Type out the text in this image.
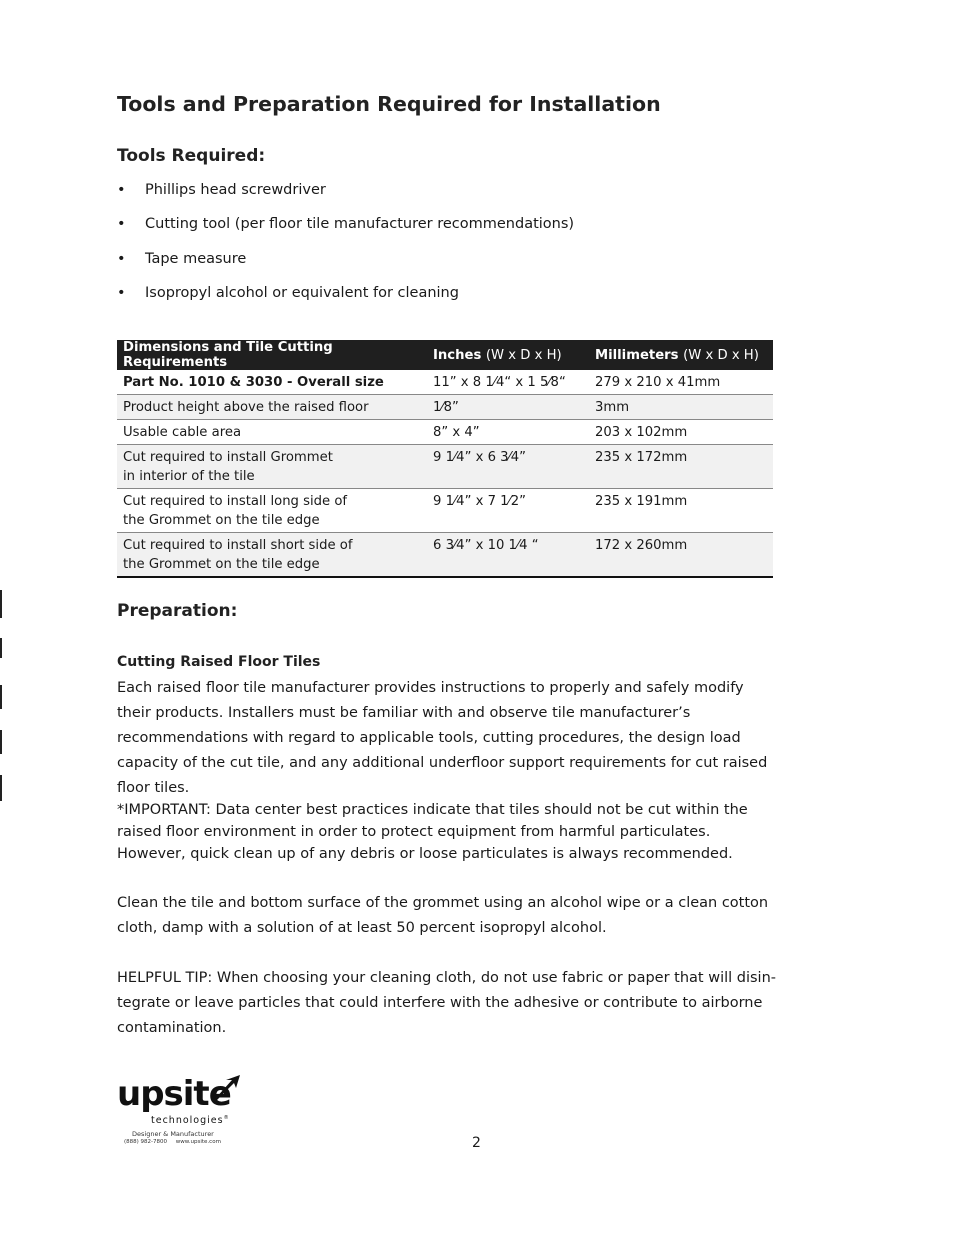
Tools and Preparation Required for Installation
Tools Required:
• Phillips head screwdriver
• Cutting tool (per floor tile manufacturer recommendations)
• Tape measure
• Isopropyl alcohol or equivalent for cleaning
Dimensions and Tile Cutting Requirements	Inches (W x D x H)	Millimeters (W x D x H)
Part No. 1010 & 3030 - Overall size	11” x 8 1⁄4“ x 1 5⁄8“	279 x 210 x 41mm
Product height above the raised floor	1⁄8”	3mm
Usable cable area	8” x 4”	203 x 102mm

Cut required to install Grommet
in interior of the tile	9 1⁄4” x 6 3⁄4”	235 x 172mm

Cut required to install long side of
the Grommet on the tile edge	9 1⁄4” x 7 1⁄2”	235 x 191mm

Cut required to install short side of
the Grommet on the tile edge	6 3⁄4” x 10 1⁄4 “	172 x 260mm
Preparation:
Cutting Raised Floor Tiles

Each raised floor tile manufacturer provides instructions to properly and safely modify their products. Installers must be familiar with and observe tile manufacturer’s recommendations with regard to applicable tools, cutting procedures, the design load capacity of the cut tile, and any additional underfloor support requirements for cut raised floor tiles.

*IMPORTANT: Data center best practices indicate that tiles should not be cut within the raised floor environment in order to protect equipment from harmful particulates. However, quick clean up of any debris or loose particulates is always recommended.

Clean the tile and bottom surface of the grommet using an alcohol wipe or a clean cotton cloth, damp with a solution of at least 50 percent isopropyl alcohol.

HELPFUL TIP: When choosing your cleaning cloth, do not use fabric or paper that will disin-tegrate or leave particles that could interfere with the adhesive or contribute to airborne contamination.

upsite
technologies®
Designer & Manufacturer
(888) 982-7800 www.upsite.com	2
